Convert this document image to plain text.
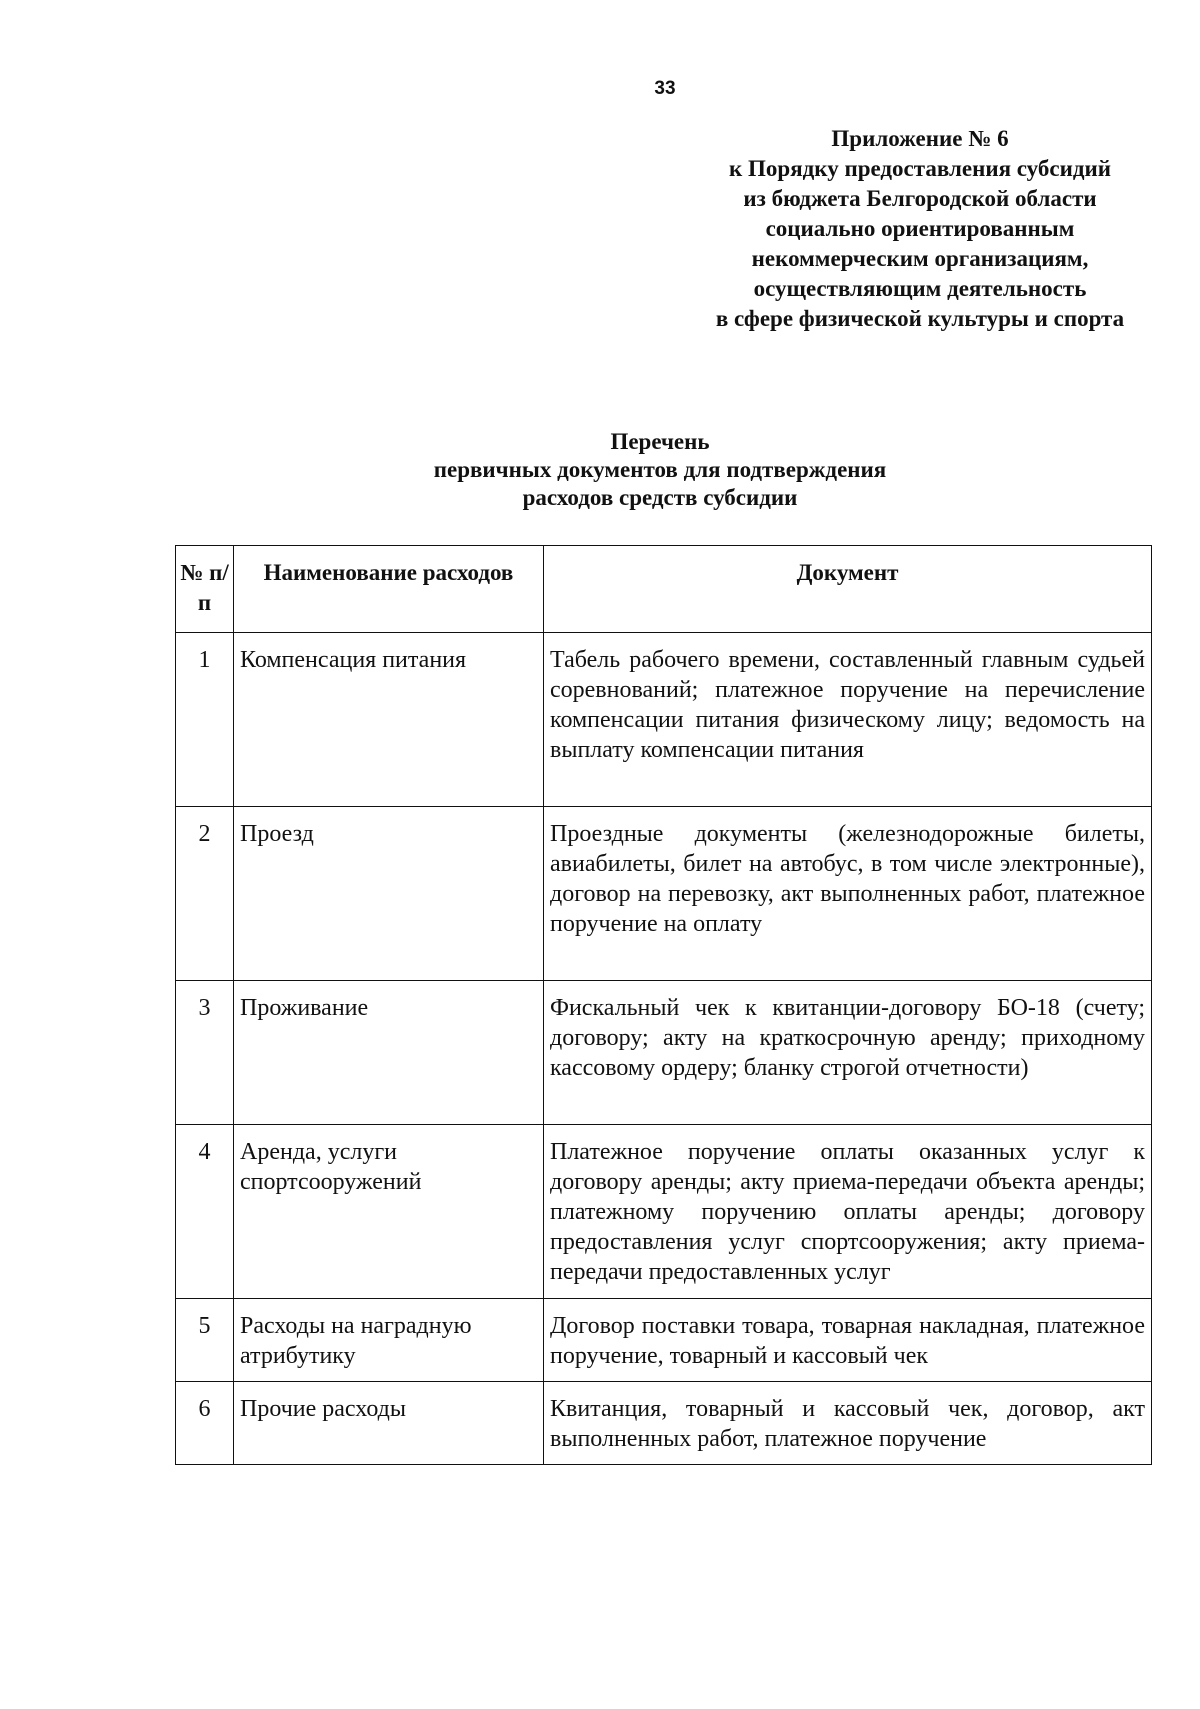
33
Приложение № 6
к Порядку предоставления субсидий
из бюджета Белгородской области
социально ориентированным
некоммерческим организациям,
осуществляющим деятельность
в сфере физической культуры и спорта
Перечень
первичных документов для подтверждения
расходов средств субсидии
№ п/п	Наименование расходов	Документ
1	Компенсация питания	Табель рабочего времени, составленный главным судьей соревнований; платежное поручение на перечисление компенсации питания физическому лицу; ведомость на выплату компенсации питания
2	Проезд	Проездные документы (железнодорожные билеты, авиабилеты, билет на автобус, в том числе электронные), договор на перевозку, акт выполненных работ, платежное поручение на оплату
3	Проживание	Фискальный чек к квитанции-договору БО-18 (счету; договору; акту на краткосрочную аренду; приходному кассовому ордеру; бланку строгой отчетности)
4	Аренда, услуги спортсооружений	Платежное поручение оплаты оказанных услуг к договору аренды; акту приема-передачи объекта аренды; платежному поручению оплаты аренды; договору предоставления услуг спортсооружения; акту приема-передачи предоставленных услуг
5	Расходы на наградную атрибутику	Договор поставки товара, товарная накладная, платежное поручение, товарный и кассовый чек
6	Прочие расходы	Квитанция, товарный и кассовый чек, договор, акт выполненных работ, платежное поручение
